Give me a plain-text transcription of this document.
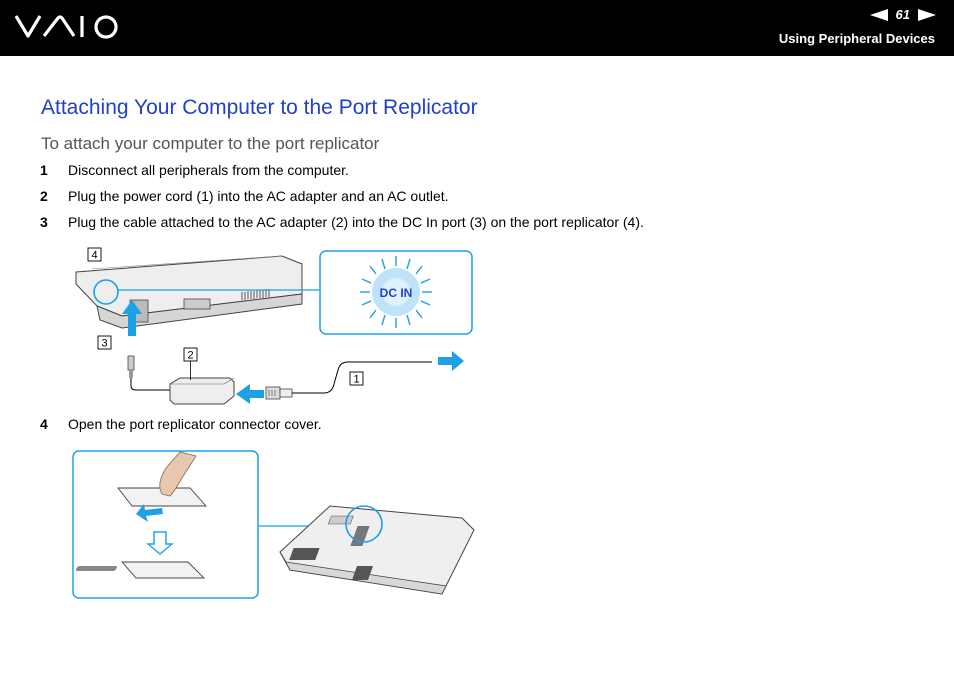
61
Using Peripheral Devices
Attaching Your Computer to the Port Replicator
To attach your computer to the port replicator
1 Disconnect all peripherals from the computer.
2 Plug the power cord (1) into the AC adapter and an AC outlet.
3 Plug the cable attached to the AC adapter (2) into the DC In port (3) on the port replicator (4).
4
DC IN
3
2
1
4 Open the port replicator connector cover.
